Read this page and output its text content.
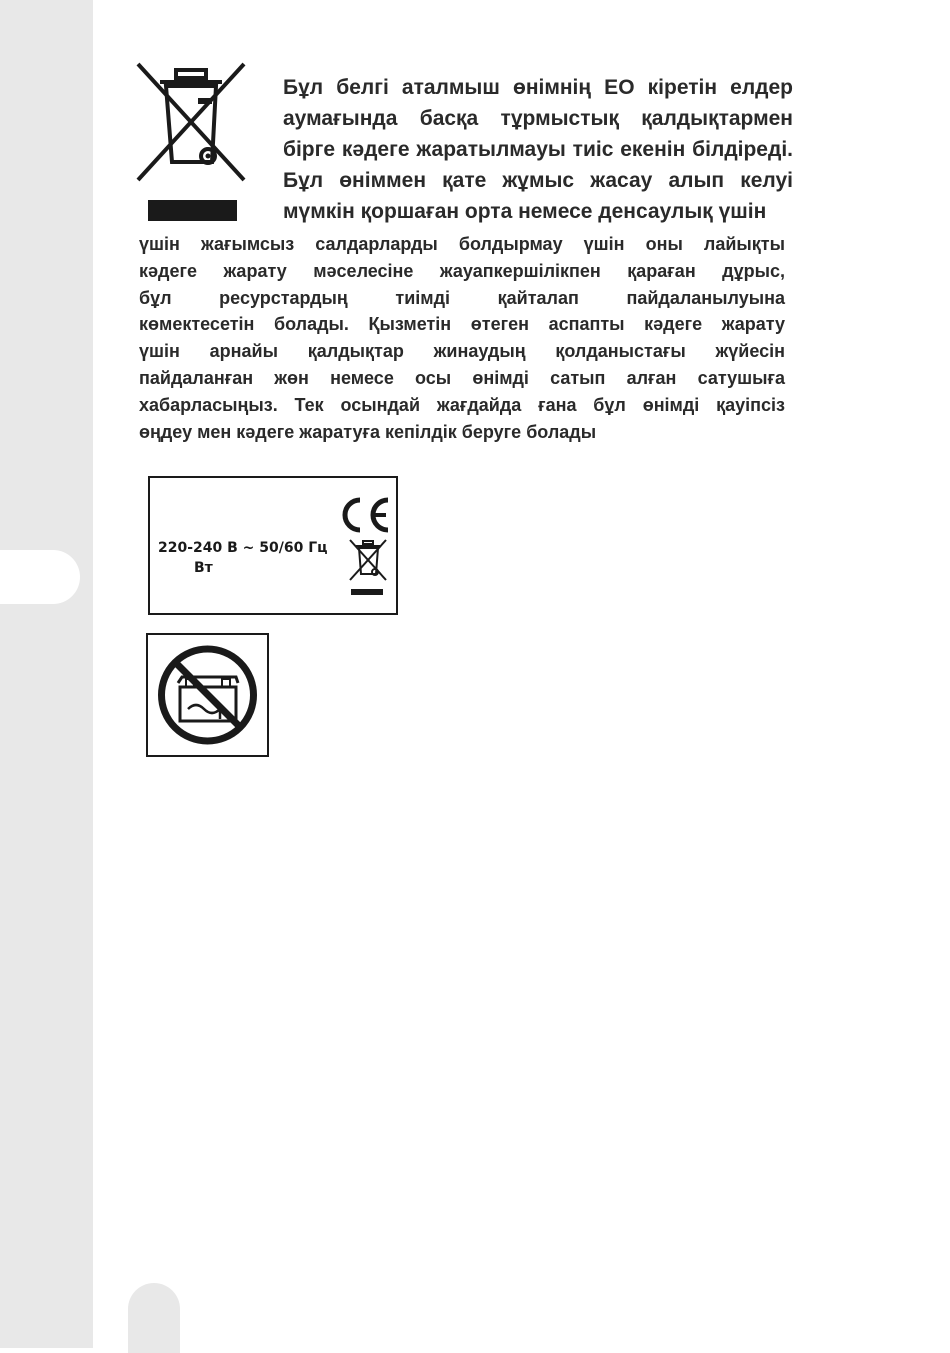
Бұл белгі аталмыш өнімнің ЕО кіретін елдер
аумағында басқа тұрмыстық қалдықтармен
бірге кәдеге жаратылмауы тиіс екенін білдіреді.
Бұл өніммен қате жұмыс жасау алып келуі
мүмкін қоршаған орта немесе денсаулық үшін
үшін жағымсыз салдарларды болдырмау үшін оны лайықты
кәдеге жарату мәселесіне жауапкершілікпен қараған дұрыс,
бұл ресурстардың тиімді қайталап пайдаланылуына
көмектесетін болады. Қызметін өтеген аспапты кәдеге жарату
үшін арнайы қалдықтар жинаудың қолданыстағы жүйесін
пайдаланған жөн немесе осы өнімді сатып алған сатушыға
хабарласыңыз. Тек осындай жағдайда ғана бұл өнімді қауіпсіз
өңдеу мен кәдеге жаратуға кепілдік беруге болады
220-240 В ~ 50/60 Гц
Вт
